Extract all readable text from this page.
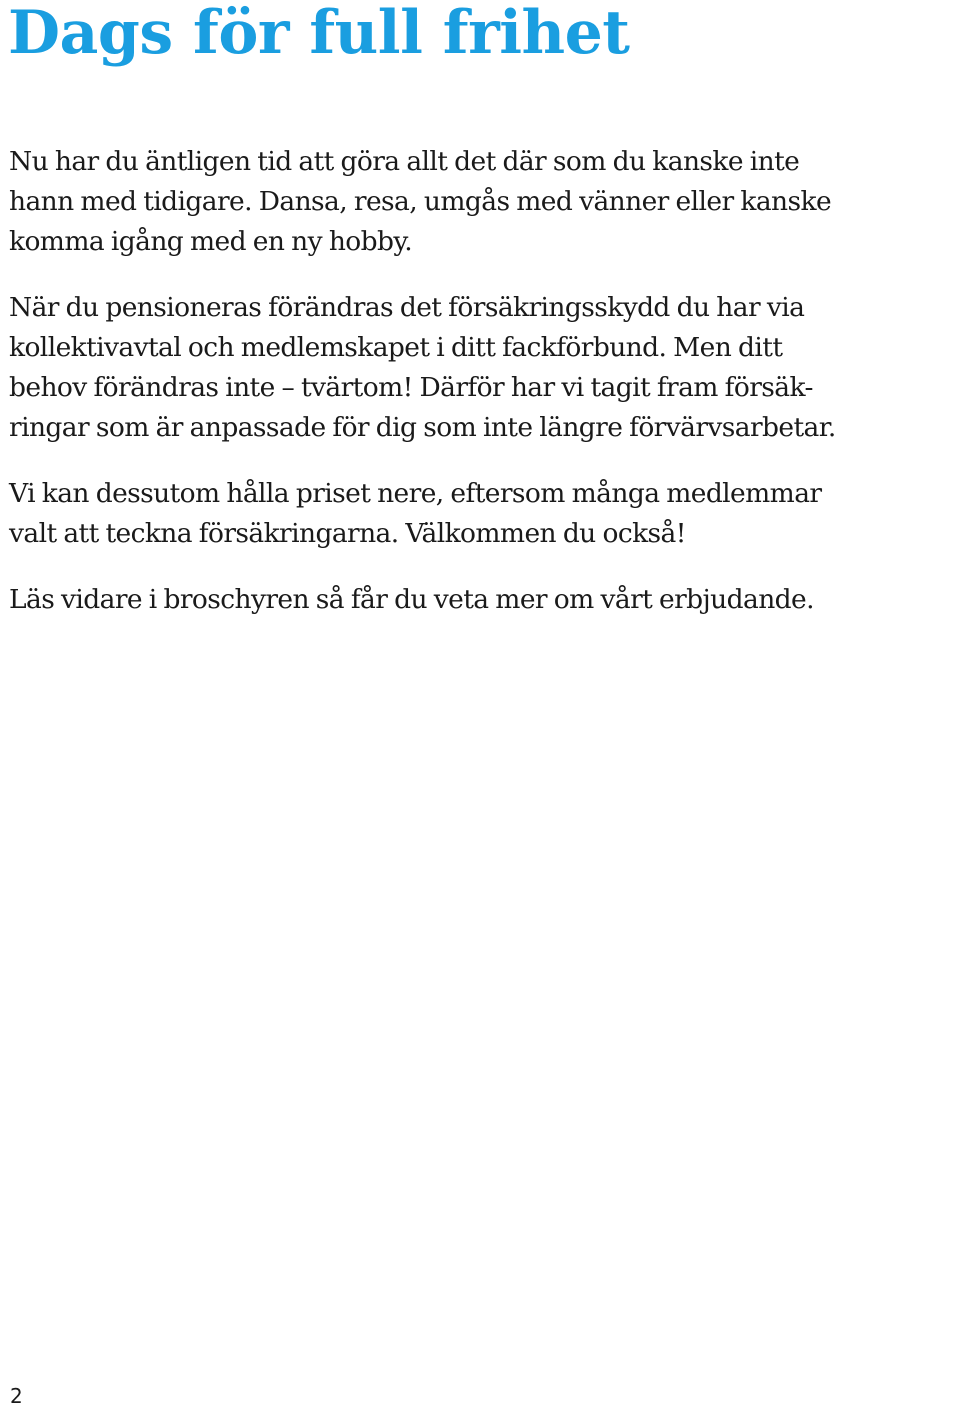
Dags för full frihet

Nu har du äntligen tid att göra allt det där som du kanske inte
hann med tidigare. Dansa, resa, umgås med vänner eller kanske
komma igång med en ny hobby.

När du pensioneras förändras det försäkringsskydd du har via
kollektivavtal och medlemskapet i ditt fackförbund. Men ditt
behov förändras inte – tvärtom! Därför har vi tagit fram försäk-
ringar som är anpassade för dig som inte längre förvärvsarbetar.

Vi kan dessutom hålla priset nere, eftersom många medlemmar
valt att teckna försäkringarna. Välkommen du också!

Läs vidare i broschyren så får du veta mer om vårt erbjudande.

2
